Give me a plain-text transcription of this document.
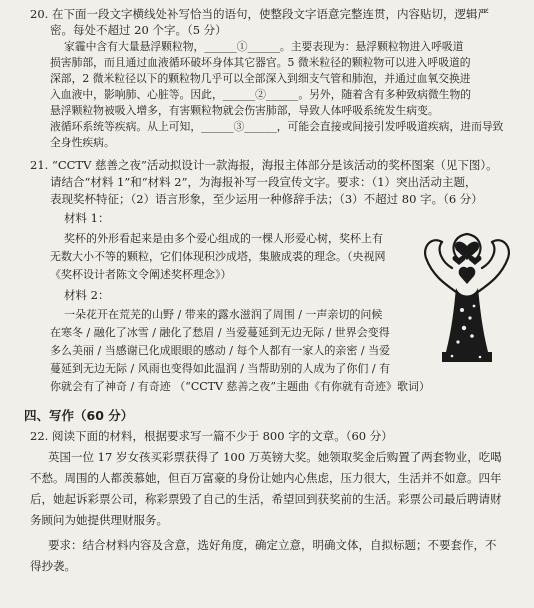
20. 在下面一段文字横线处补写恰当的语句，使整段文字语意完整连贯，内容贴切，逻辑严
密。每处不超过 20 个字。（5 分）
家霾中含有大量悬浮颗粒物，______①______。主要表现为：悬浮颗粒物进入呼吸道
损害肺部，而且通过血液循环破坏身体其它器官。5 微米粒径的颗粒物可以进入呼吸道的
深部，2 微米粒径以下的颗粒物几乎可以全部深入到细支气管和肺泡，并通过血氧交换进
入血液中，影响肺、心脏等。因此，______②______。另外，随着含有多种致病微生物的
悬浮颗粒物被吸入增多，有害颗粒物就会伤害肺部，导致人体呼吸系统发生病变。
液循环系统等疾病。从上可知，______③______，可能会直接或间接引发呼吸道疾病，进而导致
全身性疾病。
21. “CCTV 慈善之夜”活动拟设计一款海报，海报主体部分是该活动的奖杯图案（见下图）。
请结合“材料 1”和“材料 2”，为海报补写一段宣传文字。要求：（1）突出活动主题，
表现奖杯特征；（2）语言形象，至少运用一种修辞手法；（3）不超过 80 字。（6 分）
材料 1：
奖杯的外形看起来是由多个爱心组成的一棵人形爱心树，奖杯上有
无数大小不等的颗粒，它们体现积沙成塔，集腋成裘的理念。（央视网
《奖杯设计者陈文令阐述奖杯理念》）
材料 2：
一朵花开在荒芜的山野 / 带来的露水滋润了周围 / 一声亲切的问候
在寒冬 / 融化了冰雪 / 融化了愁眉 / 当爱蔓延到无边无际 / 世界会变得
多么美丽 / 当感谢已化成眼眼的感动 / 每个人都有一家人的亲密 / 当爱
蔓延到无边无际 / 风雨也变得如此温润 / 当帮助别的人成为了你们 / 有
你就会有了神奇 / 有奇迹 （“CCTV 慈善之夜”主题曲《有你就有奇迹》歌词）
四、写作（60 分）
22. 阅读下面的材料，根据要求写一篇不少于 800 字的文章。（60 分）
英国一位 17 岁女孩买彩票获得了 100 万英镑大奖。她领取奖金后购置了两套物业，吃喝
不愁。周围的人都羡慕她，但百万富豪的身份让她内心焦虑，压力很大，生活并不如意。四年
后，她起诉彩票公司，称彩票毁了自己的生活，希望回到获奖前的生活。彩票公司最后聘请财
务顾问为她提供理财服务。
要求：结合材料内容及含意，选好角度，确定立意，明确文体，自拟标题；不要套作，不
得抄袭。
